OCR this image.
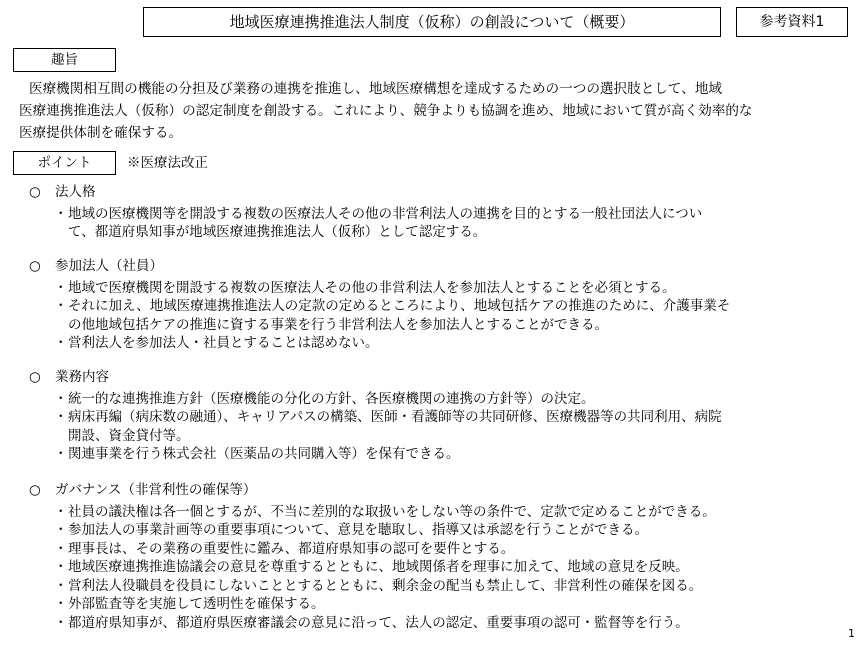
地域医療連携推進法人制度（仮称）の創設について（概要）	参考資料1
趣旨
医療機関相互間の機能の分担及び業務の連携を推進し、地域医療構想を達成するための一つの選択肢として、地域
医療連携推進法人（仮称）の認定制度を創設する。これにより、競争よりも協調を進め、地域において質が高く効率的な
医療提供体制を確保する。
ポイント	※医療法改正
○ 法人格
・地域の医療機関等を開設する複数の医療法人その他の非営利法人の連携を目的とする一般社団法人につい
て、都道府県知事が地域医療連携推進法人（仮称）として認定する。
○ 参加法人（社員）
・地域で医療機関を開設する複数の医療法人その他の非営利法人を参加法人とすることを必須とする。
・それに加え、地域医療連携推進法人の定款の定めるところにより、地域包括ケアの推進のために、介護事業そ
の他地域包括ケアの推進に資する事業を行う非営利法人を参加法人とすることができる。
・営利法人を参加法人・社員とすることは認めない。
○ 業務内容
・統一的な連携推進方針（医療機能の分化の方針、各医療機関の連携の方針等）の決定。
・病床再編（病床数の融通）、キャリアパスの構築、医師・看護師等の共同研修、医療機器等の共同利用、病院
開設、資金貸付等。
・関連事業を行う株式会社（医薬品の共同購入等）を保有できる。
○ ガバナンス（非営利性の確保等）
・社員の議決権は各一個とするが、不当に差別的な取扱いをしない等の条件で、定款で定めることができる。
・参加法人の事業計画等の重要事項について、意見を聴取し、指導又は承認を行うことができる。
・理事長は、その業務の重要性に鑑み、都道府県知事の認可を要件とする。
・地域医療連携推進協議会の意見を尊重するとともに、地域関係者を理事に加えて、地域の意見を反映。
・営利法人役職員を役員にしないこととするとともに、剰余金の配当も禁止して、非営利性の確保を図る。
・外部監査等を実施して透明性を確保する。
・都道府県知事が、都道府県医療審議会の意見に沿って、法人の認定、重要事項の認可・監督等を行う。
1
